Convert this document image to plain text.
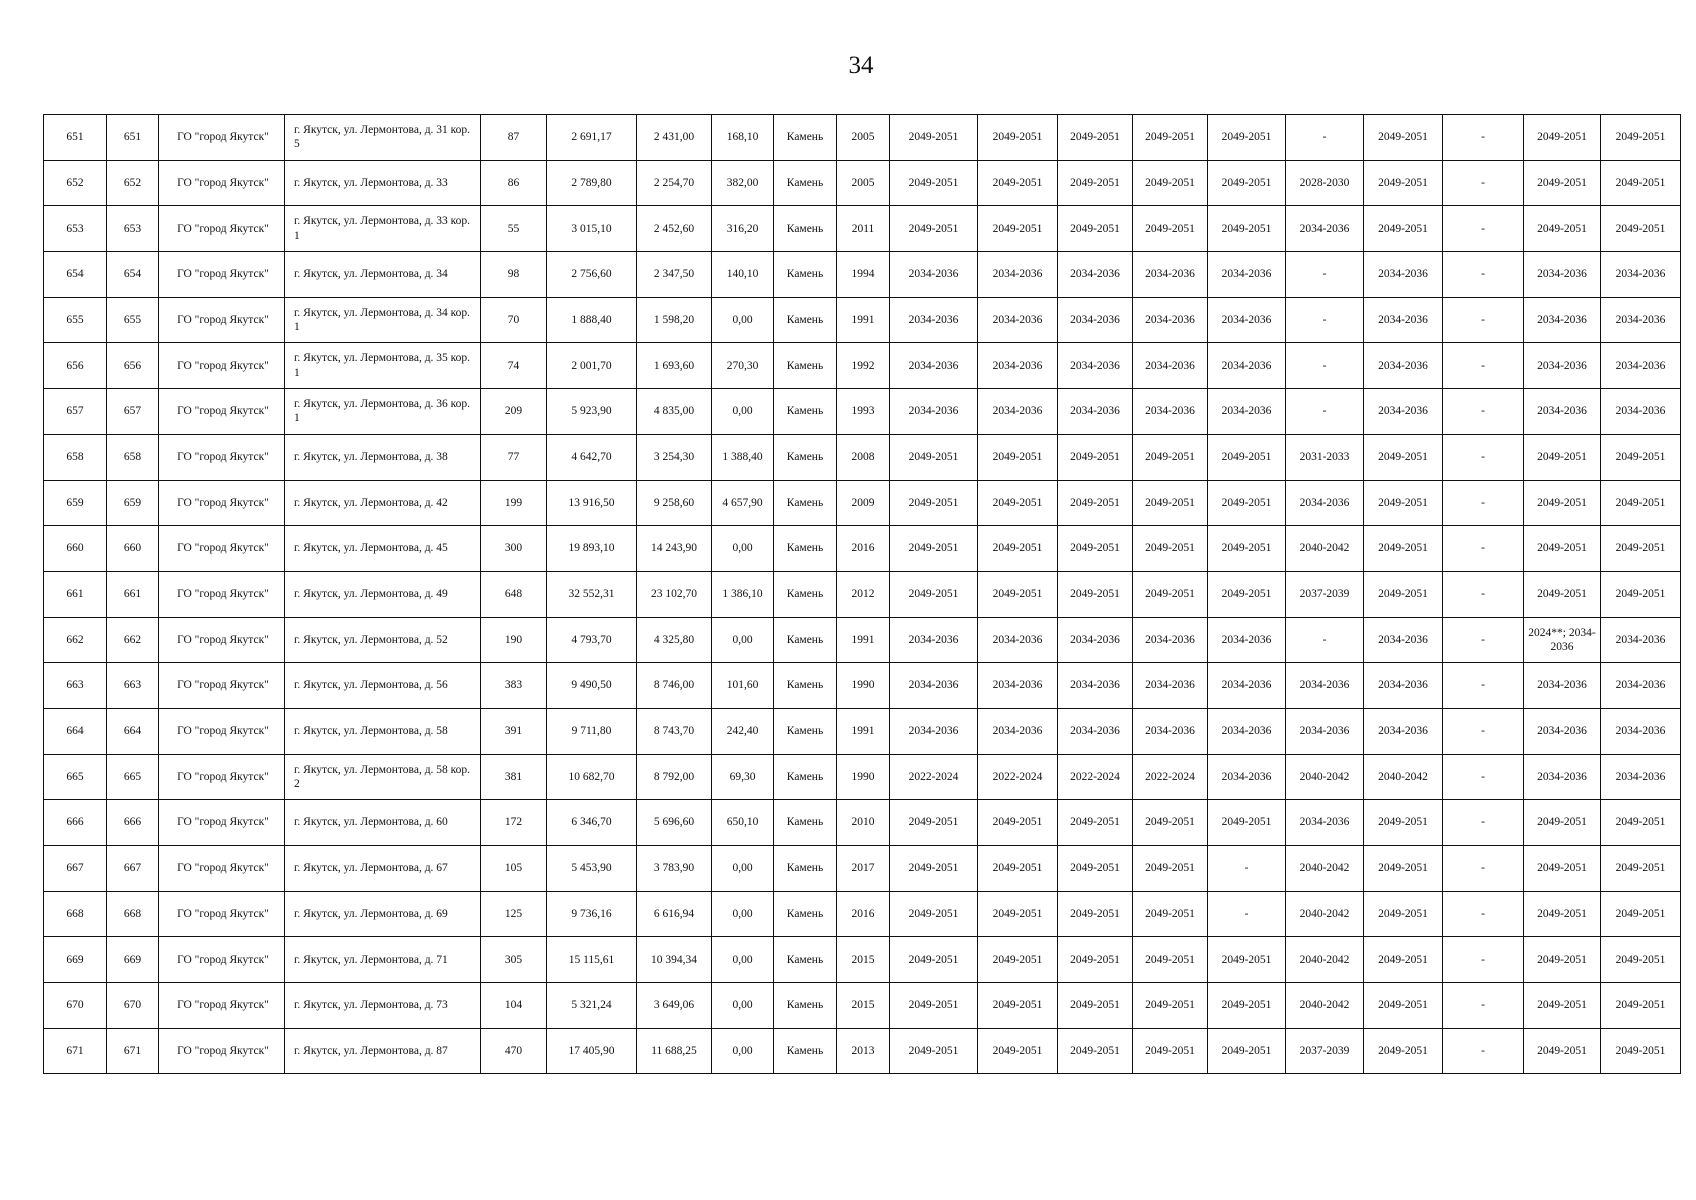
34
651	651	ГО "город Якутск"	г. Якутск, ул. Лермонтова, д. 31 кор. 5	87	2 691,17	2 431,00	168,10	Камень	2005	2049-2051	2049-2051	2049-2051	2049-2051	2049-2051	-	2049-2051	-	2049-2051	2049-2051
652	652	ГО "город Якутск"	г. Якутск, ул. Лермонтова, д. 33	86	2 789,80	2 254,70	382,00	Камень	2005	2049-2051	2049-2051	2049-2051	2049-2051	2049-2051	2028-2030	2049-2051	-	2049-2051	2049-2051
653	653	ГО "город Якутск"	г. Якутск, ул. Лермонтова, д. 33 кор. 1	55	3 015,10	2 452,60	316,20	Камень	2011	2049-2051	2049-2051	2049-2051	2049-2051	2049-2051	2034-2036	2049-2051	-	2049-2051	2049-2051
654	654	ГО "город Якутск"	г. Якутск, ул. Лермонтова, д. 34	98	2 756,60	2 347,50	140,10	Камень	1994	2034-2036	2034-2036	2034-2036	2034-2036	2034-2036	-	2034-2036	-	2034-2036	2034-2036
655	655	ГО "город Якутск"	г. Якутск, ул. Лермонтова, д. 34 кор. 1	70	1 888,40	1 598,20	0,00	Камень	1991	2034-2036	2034-2036	2034-2036	2034-2036	2034-2036	-	2034-2036	-	2034-2036	2034-2036
656	656	ГО "город Якутск"	г. Якутск, ул. Лермонтова, д. 35 кор. 1	74	2 001,70	1 693,60	270,30	Камень	1992	2034-2036	2034-2036	2034-2036	2034-2036	2034-2036	-	2034-2036	-	2034-2036	2034-2036
657	657	ГО "город Якутск"	г. Якутск, ул. Лермонтова, д. 36 кор. 1	209	5 923,90	4 835,00	0,00	Камень	1993	2034-2036	2034-2036	2034-2036	2034-2036	2034-2036	-	2034-2036	-	2034-2036	2034-2036
658	658	ГО "город Якутск"	г. Якутск, ул. Лермонтова, д. 38	77	4 642,70	3 254,30	1 388,40	Камень	2008	2049-2051	2049-2051	2049-2051	2049-2051	2049-2051	2031-2033	2049-2051	-	2049-2051	2049-2051
659	659	ГО "город Якутск"	г. Якутск, ул. Лермонтова, д. 42	199	13 916,50	9 258,60	4 657,90	Камень	2009	2049-2051	2049-2051	2049-2051	2049-2051	2049-2051	2034-2036	2049-2051	-	2049-2051	2049-2051
660	660	ГО "город Якутск"	г. Якутск, ул. Лермонтова, д. 45	300	19 893,10	14 243,90	0,00	Камень	2016	2049-2051	2049-2051	2049-2051	2049-2051	2049-2051	2040-2042	2049-2051	-	2049-2051	2049-2051
661	661	ГО "город Якутск"	г. Якутск, ул. Лермонтова, д. 49	648	32 552,31	23 102,70	1 386,10	Камень	2012	2049-2051	2049-2051	2049-2051	2049-2051	2049-2051	2037-2039	2049-2051	-	2049-2051	2049-2051
662	662	ГО "город Якутск"	г. Якутск, ул. Лермонтова, д. 52	190	4 793,70	4 325,80	0,00	Камень	1991	2034-2036	2034-2036	2034-2036	2034-2036	2034-2036	-	2034-2036	-	2024**; 2034-2036	2034-2036
663	663	ГО "город Якутск"	г. Якутск, ул. Лермонтова, д. 56	383	9 490,50	8 746,00	101,60	Камень	1990	2034-2036	2034-2036	2034-2036	2034-2036	2034-2036	2034-2036	2034-2036	-	2034-2036	2034-2036
664	664	ГО "город Якутск"	г. Якутск, ул. Лермонтова, д. 58	391	9 711,80	8 743,70	242,40	Камень	1991	2034-2036	2034-2036	2034-2036	2034-2036	2034-2036	2034-2036	2034-2036	-	2034-2036	2034-2036
665	665	ГО "город Якутск"	г. Якутск, ул. Лермонтова, д. 58 кор. 2	381	10 682,70	8 792,00	69,30	Камень	1990	2022-2024	2022-2024	2022-2024	2022-2024	2034-2036	2040-2042	2040-2042	-	2034-2036	2034-2036
666	666	ГО "город Якутск"	г. Якутск, ул. Лермонтова, д. 60	172	6 346,70	5 696,60	650,10	Камень	2010	2049-2051	2049-2051	2049-2051	2049-2051	2049-2051	2034-2036	2049-2051	-	2049-2051	2049-2051
667	667	ГО "город Якутск"	г. Якутск, ул. Лермонтова, д. 67	105	5 453,90	3 783,90	0,00	Камень	2017	2049-2051	2049-2051	2049-2051	2049-2051	-	2040-2042	2049-2051	-	2049-2051	2049-2051
668	668	ГО "город Якутск"	г. Якутск, ул. Лермонтова, д. 69	125	9 736,16	6 616,94	0,00	Камень	2016	2049-2051	2049-2051	2049-2051	2049-2051	-	2040-2042	2049-2051	-	2049-2051	2049-2051
669	669	ГО "город Якутск"	г. Якутск, ул. Лермонтова, д. 71	305	15 115,61	10 394,34	0,00	Камень	2015	2049-2051	2049-2051	2049-2051	2049-2051	2049-2051	2040-2042	2049-2051	-	2049-2051	2049-2051
670	670	ГО "город Якутск"	г. Якутск, ул. Лермонтова, д. 73	104	5 321,24	3 649,06	0,00	Камень	2015	2049-2051	2049-2051	2049-2051	2049-2051	2049-2051	2040-2042	2049-2051	-	2049-2051	2049-2051
671	671	ГО "город Якутск"	г. Якутск, ул. Лермонтова, д. 87	470	17 405,90	11 688,25	0,00	Камень	2013	2049-2051	2049-2051	2049-2051	2049-2051	2049-2051	2037-2039	2049-2051	-	2049-2051	2049-2051
